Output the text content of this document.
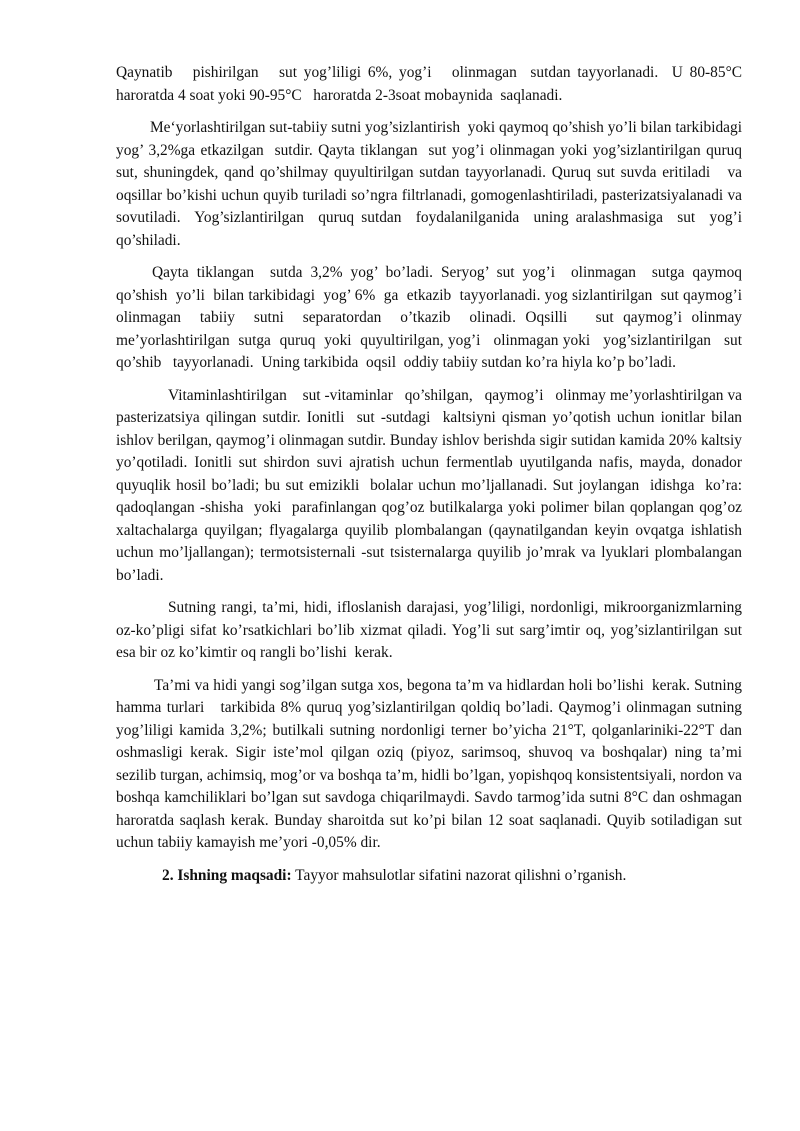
Qaynatib   pishirilgan   sut yog’liligi 6%, yog’i   olinmagan  sutdan tayyorlanadi.  U 80-85°C haroratda 4 soat yoki 90-95°C   haroratda 2-3soat mobaynida  saqlanadi.

Me‘yorlashtirilgan sut-tabiiy sutni yog’sizlantirish  yoki qaymoq qo’shish yo’li bilan tarkibidagi yog’ 3,2%ga etkazilgan  sutdir. Qayta tiklangan  sut yog’i olinmagan yoki yog’sizlantirilgan quruq sut, shuningdek, qand qo’shilmay quyultirilgan sutdan tayyorlanadi. Quruq sut suvda eritiladi   va   oqsillar bo’kishi uchun quyib turiladi so’ngra filtrlanadi, gomogenlashtiriladi, pasterizatsiyalanadi va  sovutiladi.  Yog’sizlantirilgan  quruq sutdan  foydalanilganida  uning aralashmasiga  sut  yog’i  qo’shiladi.

Qayta tiklangan  sutda 3,2% yog’ bo’ladi. Seryog’ sut yog’i  olinmagan  sutga qaymoq  qo’shish  yo’li  bilan tarkibidagi  yog’ 6%  ga  etkazib  tayyorlanadi. yog sizlantirilgan  sut qaymog’i olinmagan  tabiiy  sutni  separatordan  o’tkazib  olinadi. Oqsilli   sut qaymog’i olinmay  me’yorlashtirilgan  sutga  quruq  yoki  quyultirilgan, yog’i   olinmagan yoki   yog’sizlantirilgan   sut   qo’shib   tayyorlanadi.  Uning tarkibida  oqsil  oddiy tabiiy sutdan ko’ra hiyla ko’p bo’ladi.

Vitaminlashtirilgan    sut -vitaminlar   qo’shilgan,   qaymog’i   olinmay me’yorlashtirilgan va pasterizatsiya qilingan sutdir. Ionitli  sut -sutdagi  kaltsiyni qisman yo’qotish uchun ionitlar bilan ishlov berilgan, qaymog’i olinmagan sutdir. Bunday ishlov berishda sigir sutidan kamida 20% kaltsiy yo’qotiladi. Ionitli sut shirdon suvi ajratish uchun fermentlab uyutilganda nafis, mayda, donador quyuqlik hosil bo’ladi; bu sut emizikli  bolalar uchun mo’ljallanadi. Sut joylangan  idishga  ko’ra:  qadoqlangan -shisha  yoki  parafinlangan qog’oz butilkalarga yoki polimer bilan qoplangan qog’oz xaltachalarga quyilgan; flyagalarga quyilib plombalangan (qaynatilgandan keyin ovqatga ishlatish uchun mo’ljallangan); termotsisternali -sut tsisternalarga quyilib jo’mrak va lyuklari plombalangan bo’ladi.

Sutning rangi, ta’mi, hidi, ifloslanish darajasi, yog’liligi, nordonligi, mikroorganizmlarning oz-ko’pligi sifat ko’rsatkichlari bo’lib xizmat qiladi. Yog’li sut sarg’imtir oq, yog’sizlantirilgan sut esa bir oz ko’kimtir oq rangli bo’lishi  kerak.

Ta’mi va hidi yangi sog’ilgan sutga xos, begona ta’m va hidlardan holi bo’lishi  kerak. Sutning hamma turlari   tarkibida 8% quruq yog’sizlantirilgan qoldiq bo’ladi. Qaymog’i olinmagan sutning yog’liligi kamida 3,2%; butilkali sutning nordonligi terner bo’yicha 21°T, qolganlariniki-22°T dan oshmasligi kerak. Sigir iste’mol qilgan oziq (piyoz, sarimsoq, shuvoq va boshqalar) ning ta’mi sezilib turgan, achimsiq, mog’or va boshqa ta’m, hidli bo’lgan, yopishqoq konsistentsiyali, nordon va boshqa kamchiliklari bo’lgan sut savdoga chiqarilmaydi. Savdo tarmog’ida sutni 8°C dan oshmagan haroratda saqlash kerak. Bunday sharoitda sut ko’pi bilan 12 soat saqlanadi. Quyib sotiladigan sut uchun tabiiy kamayish me’yori -0,05% dir.

2. Ishning maqsadi: Tayyor mahsulotlar sifatini nazorat qilishni o’rganish.
